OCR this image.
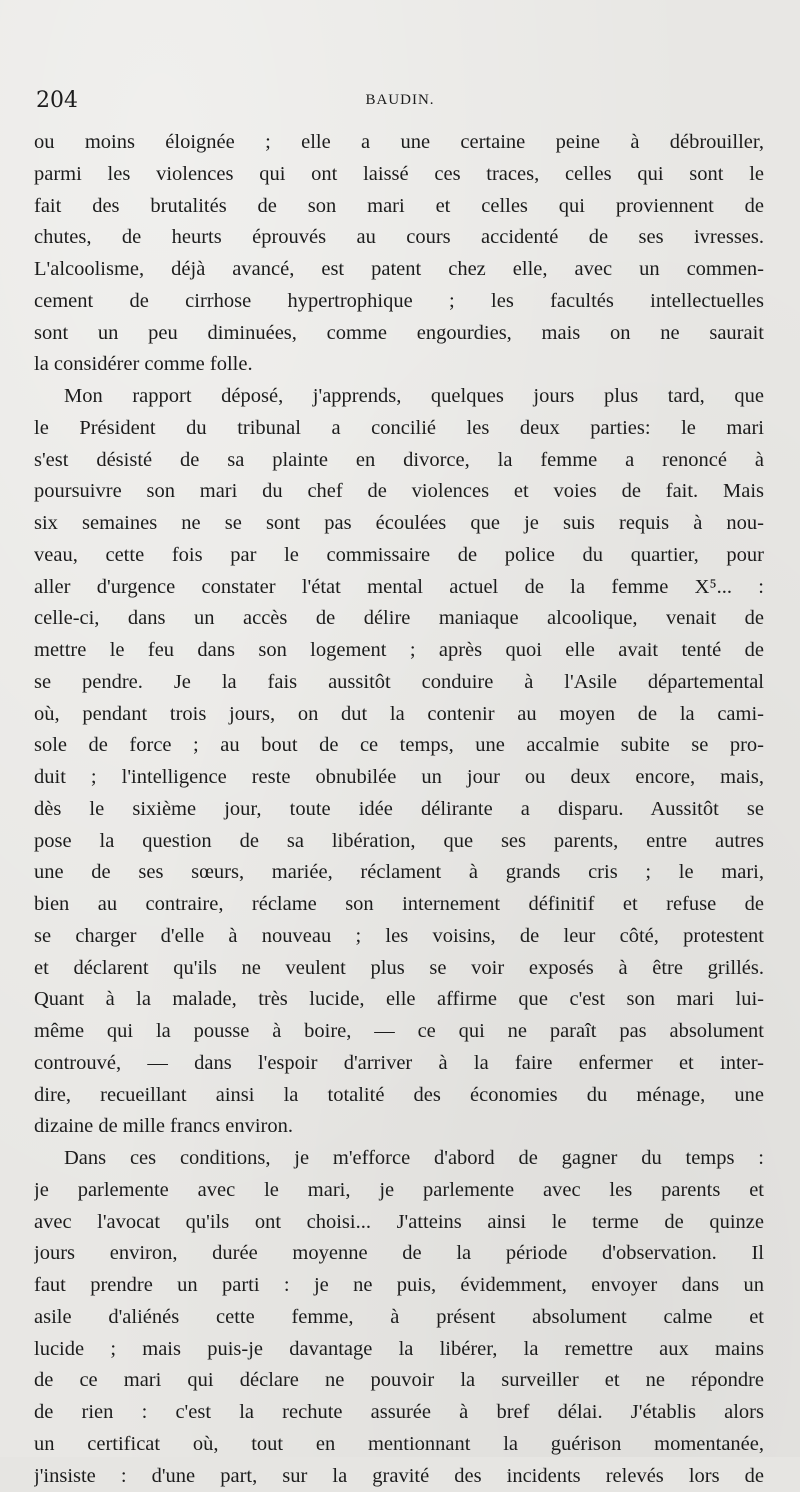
204	BAUDIN.
ou moins éloignée ; elle a une certaine peine à débrouiller,
parmi les violences qui ont laissé ces traces, celles qui sont le
fait des brutalités de son mari et celles qui proviennent de
chutes, de heurts éprouvés au cours accidenté de ses ivresses.
L'alcoolisme, déjà avancé, est patent chez elle, avec un commen-
cement de cirrhose hypertrophique ; les facultés intellectuelles
sont un peu diminuées, comme engourdies, mais on ne saurait
la considérer comme folle.
Mon rapport déposé, j'apprends, quelques jours plus tard, que
le Président du tribunal a concilié les deux parties: le mari
s'est désisté de sa plainte en divorce, la femme a renoncé à
poursuivre son mari du chef de violences et voies de fait. Mais
six semaines ne se sont pas écoulées que je suis requis à nou-
veau, cette fois par le commissaire de police du quartier, pour
aller d'urgence constater l'état mental actuel de la femme X⁵... :
celle-ci, dans un accès de délire maniaque alcoolique, venait de
mettre le feu dans son logement ; après quoi elle avait tenté de
se pendre. Je la fais aussitôt conduire à l'Asile départemental
où, pendant trois jours, on dut la contenir au moyen de la cami-
sole de force ; au bout de ce temps, une accalmie subite se pro-
duit ; l'intelligence reste obnubilée un jour ou deux encore, mais,
dès le sixième jour, toute idée délirante a disparu. Aussitôt se
pose la question de sa libération, que ses parents, entre autres
une de ses sœurs, mariée, réclament à grands cris ; le mari,
bien au contraire, réclame son internement définitif et refuse de
se charger d'elle à nouveau ; les voisins, de leur côté, protestent
et déclarent qu'ils ne veulent plus se voir exposés à être grillés.
Quant à la malade, très lucide, elle affirme que c'est son mari lui-
même qui la pousse à boire, — ce qui ne paraît pas absolument
controuvé, — dans l'espoir d'arriver à la faire enfermer et inter-
dire, recueillant ainsi la totalité des économies du ménage, une
dizaine de mille francs environ.
Dans ces conditions, je m'efforce d'abord de gagner du temps :
je parlemente avec le mari, je parlemente avec les parents et
avec l'avocat qu'ils ont choisi... J'atteins ainsi le terme de quinze
jours environ, durée moyenne de la période d'observation. Il
faut prendre un parti : je ne puis, évidemment, envoyer dans un
asile d'aliénés cette femme, à présent absolument calme et
lucide ; mais puis-je davantage la libérer, la remettre aux mains
de ce mari qui déclare ne pouvoir la surveiller et ne répondre
de rien : c'est la rechute assurée à bref délai. J'établis alors
un certificat où, tout en mentionnant la guérison momentanée,
j'insiste : d'une part, sur la gravité des incidents relevés lors de
